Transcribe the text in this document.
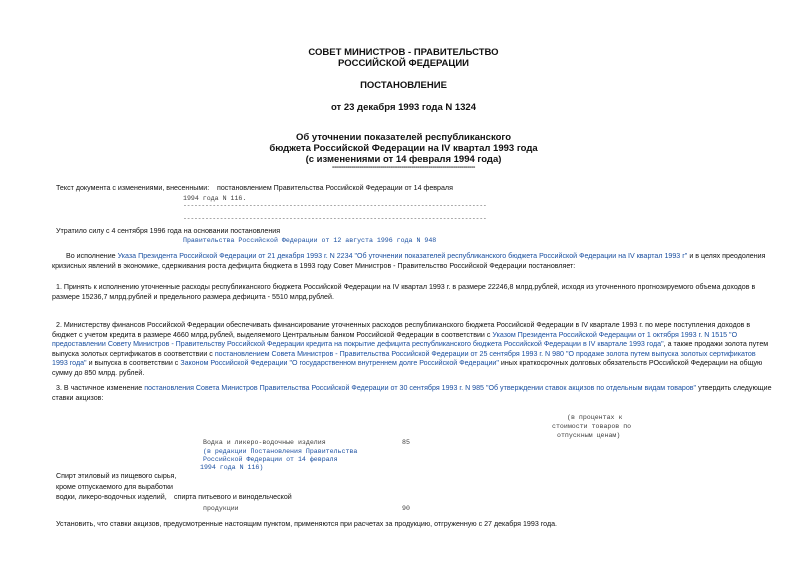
СОВЕТ МИНИСТРОВ - ПРАВИТЕЛЬСТВО
РОССИЙСКОЙ ФЕДЕРАЦИИ
ПОСТАНОВЛЕНИЕ
от 23 декабря 1993 года N 1324
Об уточнении показателей республиканского
бюджета Российской Федерации на IV квартал 1993 года
(с изменениями от 14 февраля 1994 года)
--------------------------------------------------------------------------
Текст документа с изменениями, внесенными: постановлением Правительства Российской Федерации от 14 февраля
1994 года N 116.
-----------------------------------------------------------------------------------
-----------------------------------------------------------------------------------
Утратило силу с 4 сентября 1996 года на основании постановления
Правительства Российской Федерации от 12 августа 1996 года N 948
Во исполнение Указа Президента Российской Федерации от 21 декабря 1993 г. N 2234 "Об уточнении показателей республиканского бюджета Российской Федерации на IV квартал 1993 г" и в целях преодоления кризисных явлений в экономике, сдерживания роста дефицита бюджета в 1993 году Совет Министров - Правительство Российской Федерации постановляет:
1. Принять к исполнению уточненные расходы республиканского бюджета Российской Федерации на IV квартал 1993 г. в размере 22246,8 млрд.рублей, исходя из уточненного прогнозируемого объема доходов в размере 15236,7 млрд.рублей и предельного размера дефицита - 5510 млрд.рублей.
2. Министерству финансов Российской Федерации обеспечивать финансирование уточненных расходов республиканского бюджета Российской Федерации в IV квартале 1993 г. по мере поступления доходов в бюджет с учетом кредита в размере 4660 млрд.рублей, выделяемого Центральным банком Российской Федерации в соответствии с Указом Президента Российской Федерации от 1 октября 1993 г. N 1515 "О предоставлении Совету Министров - Правительству Российской Федерации кредита на покрытие дефицита республиканского бюджета Российской Федерации в IV квартале 1993 года", а также продажи золота путем выпуска золотых сертификатов в соответствии с постановлением Совета Министров - Правительства Российской Федерации от 25 сентября 1993 г. N 980 "О продаже золота путем выпуска золотых сертификатов 1993 года" и выпуска в соответствии с Законом Российской Федерации "О государственном внутреннем долге Российской Федерации" иных краткосрочных долговых обязательств РОссийской Федерации на общую сумму до 850 млрд. рублей.
3. В частичное изменение постановления Совета Министров Правительства Российской Федерации от 30 сентября 1993 г. N 985 "Об утверждении ставок акцизов по отдельным видам товаров" утвердить следующие ставки акцизов:
(в процентах к
стоимости товаров по
отпускным ценам)
Водка и ликеро-водочные изделия	85
(в редакции Постановления Правительства
Российской Федерации от 14 февраля
1994 года N 116)
Спирт этиловый из пищевого сырья,
кроме отпускаемого для выработки
водки, ликеро-водочных изделий, спирта питьевого и винодельческой
продукции	90
Установить, что ставки акцизов, предусмотренные настоящим пунктом, применяются при расчетах за продукцию, отгруженную с 27 декабря 1993 года.
